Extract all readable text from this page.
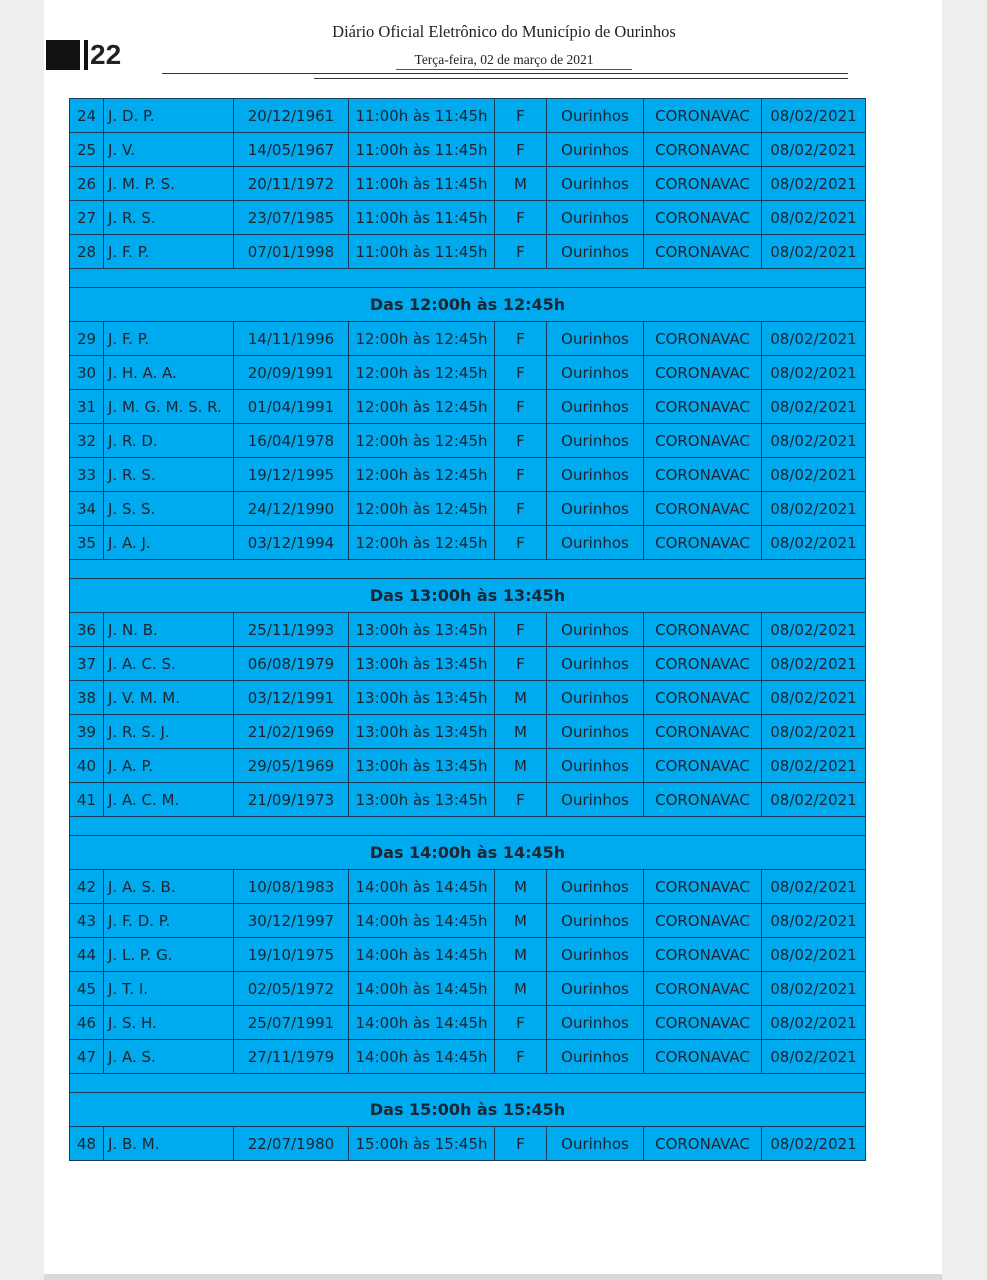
22
Diário Oficial Eletrônico do Município de Ourinhos
Terça-feira, 02 de março de 2021
24	J. D. P.	20/12/1961	11:00h às 11:45h	F	Ourinhos	CORONAVAC	08/02/2021
25	J. V.	14/05/1967	11:00h às 11:45h	F	Ourinhos	CORONAVAC	08/02/2021
26	J. M. P. S.	20/11/1972	11:00h às 11:45h	M	Ourinhos	CORONAVAC	08/02/2021
27	J. R. S.	23/07/1985	11:00h às 11:45h	F	Ourinhos	CORONAVAC	08/02/2021
28	J. F. P.	07/01/1998	11:00h às 11:45h	F	Ourinhos	CORONAVAC	08/02/2021

Das 12:00h às 12:45h							
29	J. F. P.	14/11/1996	12:00h às 12:45h	F	Ourinhos	CORONAVAC	08/02/2021
30	J. H. A. A.	20/09/1991	12:00h às 12:45h	F	Ourinhos	CORONAVAC	08/02/2021
31	J. M. G. M. S. R.	01/04/1991	12:00h às 12:45h	F	Ourinhos	CORONAVAC	08/02/2021
32	J. R. D.	16/04/1978	12:00h às 12:45h	F	Ourinhos	CORONAVAC	08/02/2021
33	J. R. S.	19/12/1995	12:00h às 12:45h	F	Ourinhos	CORONAVAC	08/02/2021
34	J. S. S.	24/12/1990	12:00h às 12:45h	F	Ourinhos	CORONAVAC	08/02/2021
35	J. A. J.	03/12/1994	12:00h às 12:45h	F	Ourinhos	CORONAVAC	08/02/2021

Das 13:00h às 13:45h							
36	J. N. B.	25/11/1993	13:00h às 13:45h	F	Ourinhos	CORONAVAC	08/02/2021
37	J. A. C. S.	06/08/1979	13:00h às 13:45h	F	Ourinhos	CORONAVAC	08/02/2021
38	J. V. M. M.	03/12/1991	13:00h às 13:45h	M	Ourinhos	CORONAVAC	08/02/2021
39	J. R. S. J.	21/02/1969	13:00h às 13:45h	M	Ourinhos	CORONAVAC	08/02/2021
40	J. A. P.	29/05/1969	13:00h às 13:45h	M	Ourinhos	CORONAVAC	08/02/2021
41	J. A. C. M.	21/09/1973	13:00h às 13:45h	F	Ourinhos	CORONAVAC	08/02/2021

Das 14:00h às 14:45h							
42	J. A. S. B.	10/08/1983	14:00h às 14:45h	M	Ourinhos	CORONAVAC	08/02/2021
43	J. F. D. P.	30/12/1997	14:00h às 14:45h	M	Ourinhos	CORONAVAC	08/02/2021
44	J. L. P. G.	19/10/1975	14:00h às 14:45h	M	Ourinhos	CORONAVAC	08/02/2021
45	J. T. I.	02/05/1972	14:00h às 14:45h	M	Ourinhos	CORONAVAC	08/02/2021
46	J. S. H.	25/07/1991	14:00h às 14:45h	F	Ourinhos	CORONAVAC	08/02/2021
47	J. A. S.	27/11/1979	14:00h às 14:45h	F	Ourinhos	CORONAVAC	08/02/2021

Das 15:00h às 15:45h							
48	J. B. M.	22/07/1980	15:00h às 15:45h	F	Ourinhos	CORONAVAC	08/02/2021
